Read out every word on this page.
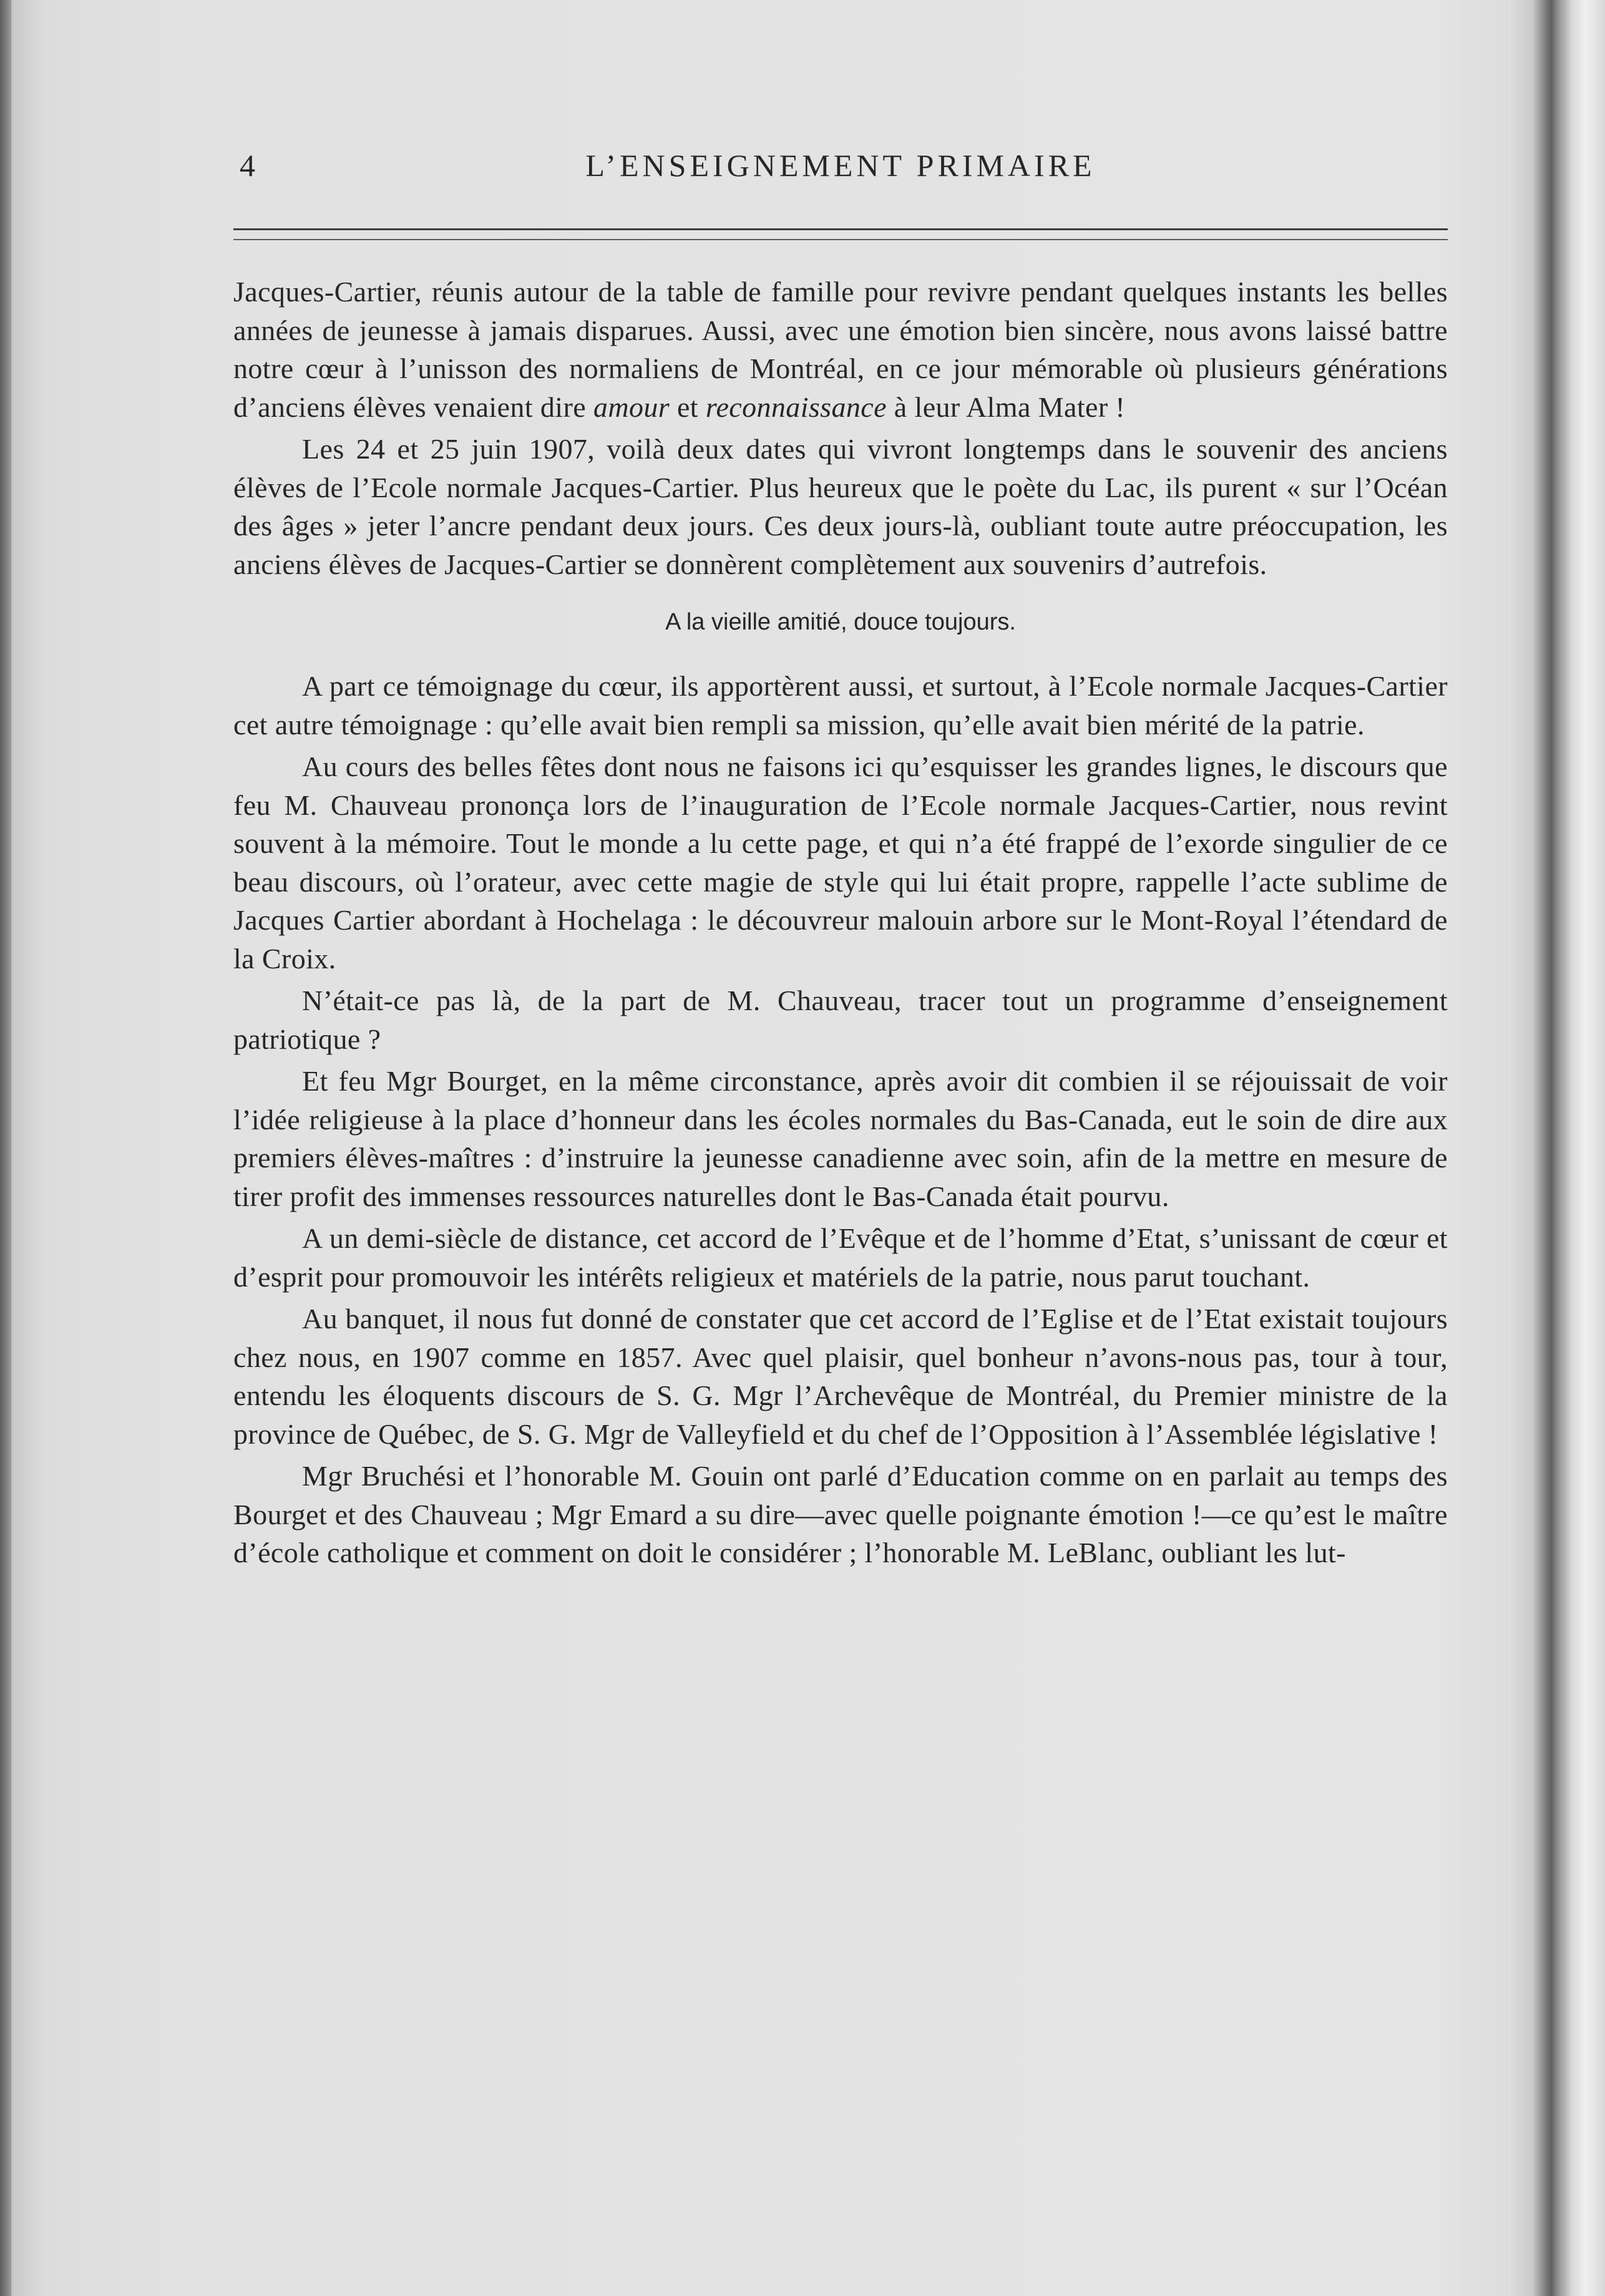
4	L’ENSEIGNEMENT PRIMAIRE

Jacques-Cartier, réunis autour de la table de famille pour revivre pendant quelques instants les belles années de jeunesse à jamais disparues. Aussi, avec une émotion bien sincère, nous avons laissé battre notre cœur à l’unisson des normaliens de Montréal, en ce jour mémorable où plusieurs générations d’anciens élèves venaient dire amour et reconnaissance à leur Alma Mater !

Les 24 et 25 juin 1907, voilà deux dates qui vivront longtemps dans le souvenir des anciens élèves de l’Ecole normale Jacques-Cartier. Plus heureux que le poète du Lac, ils purent « sur l’Océan des âges » jeter l’ancre pendant deux jours. Ces deux jours-là, oubliant toute autre préoccupation, les anciens élèves de Jacques-Cartier se donnèrent complètement aux souvenirs d’autrefois.

A la vieille amitié, douce toujours.

A part ce témoignage du cœur, ils apportèrent aussi, et surtout, à l’Ecole normale Jacques-Cartier cet autre témoignage : qu’elle avait bien rempli sa mission, qu’elle avait bien mérité de la patrie.

Au cours des belles fêtes dont nous ne faisons ici qu’esquisser les grandes lignes, le discours que feu M. Chauveau prononça lors de l’inauguration de l’Ecole normale Jacques-Cartier, nous revint souvent à la mémoire. Tout le monde a lu cette page, et qui n’a été frappé de l’exorde singulier de ce beau discours, où l’orateur, avec cette magie de style qui lui était propre, rappelle l’acte sublime de Jacques Cartier abordant à Hochelaga : le découvreur malouin arbore sur le Mont-Royal l’étendard de la Croix.

N’était-ce pas là, de la part de M. Chauveau, tracer tout un programme d’enseignement patriotique ?

Et feu Mgr Bourget, en la même circonstance, après avoir dit combien il se réjouissait de voir l’idée religieuse à la place d’honneur dans les écoles normales du Bas-Canada, eut le soin de dire aux premiers élèves-maîtres : d’instruire la jeunesse canadienne avec soin, afin de la mettre en mesure de tirer profit des immenses ressources naturelles dont le Bas-Canada était pourvu.

A un demi-siècle de distance, cet accord de l’Evêque et de l’homme d’Etat, s’unissant de cœur et d’esprit pour promouvoir les intérêts religieux et matériels de la patrie, nous parut touchant.

Au banquet, il nous fut donné de constater que cet accord de l’Eglise et de l’Etat existait toujours chez nous, en 1907 comme en 1857. Avec quel plaisir, quel bonheur n’avons-nous pas, tour à tour, entendu les éloquents discours de S. G. Mgr l’Archevêque de Montréal, du Premier ministre de la province de Québec, de S. G. Mgr de Valleyfield et du chef de l’Opposition à l’Assemblée législative !

Mgr Bruchési et l’honorable M. Gouin ont parlé d’Education comme on en parlait au temps des Bourget et des Chauveau ; Mgr Emard a su dire—avec quelle poignante émotion !—ce qu’est le maître d’école catholique et comment on doit le considérer ; l’honorable M. LeBlanc, oubliant les lut-
